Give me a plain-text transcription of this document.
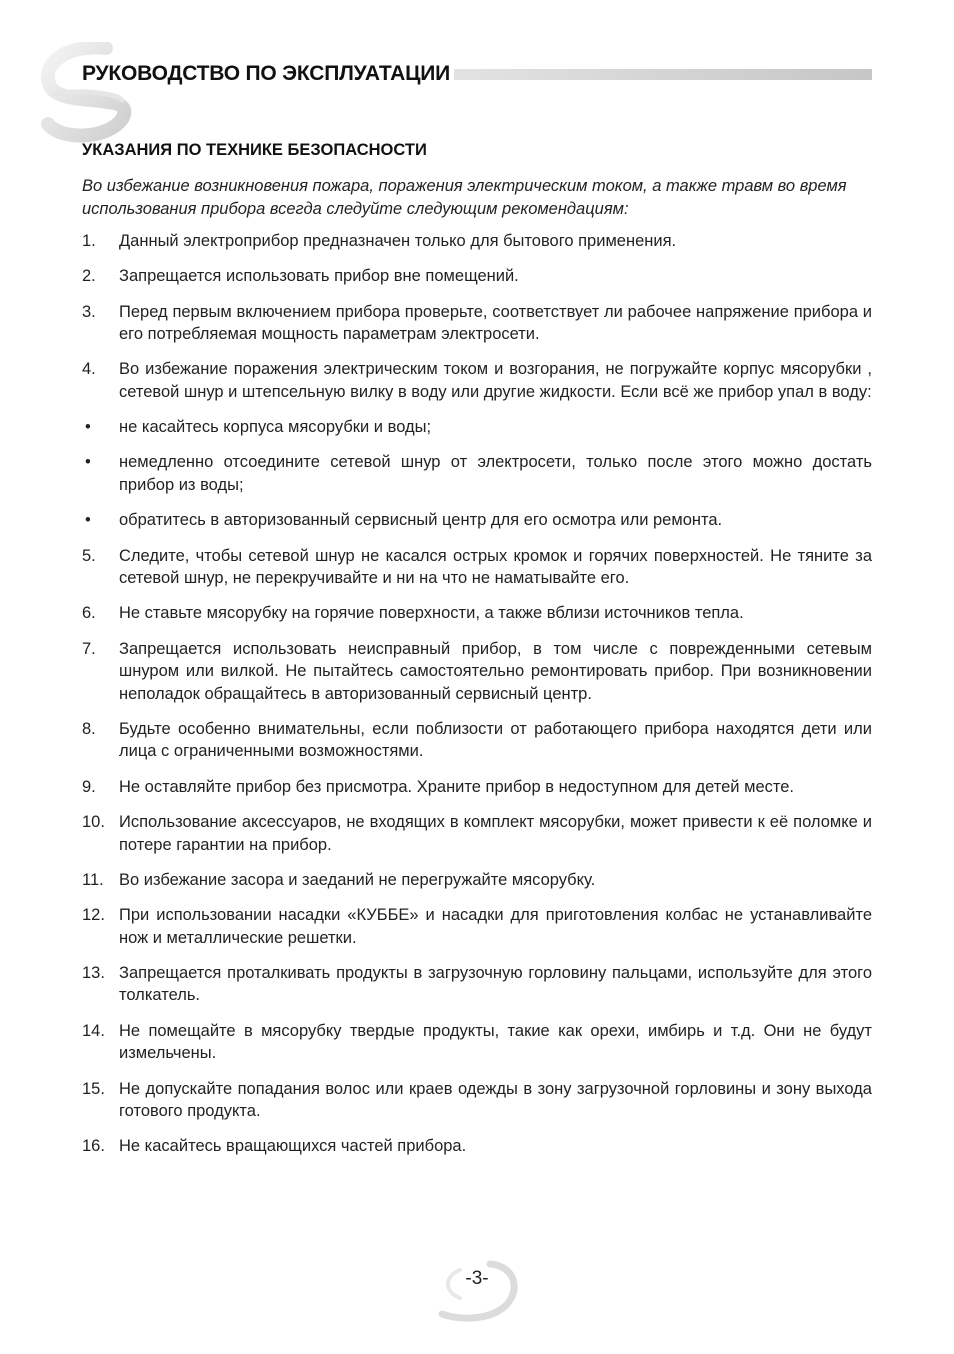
РУКОВОДСТВО ПО ЭКСПЛУАТАЦИИ
УКАЗАНИЯ ПО ТЕХНИКЕ БЕЗОПАСНОСТИ

Во избежание возникновения пожара, поражения электрическим током, а также травм во время использования прибора всегда следуйте следующим рекомендациям:

1.	Данный электроприбор предназначен только для бытового применения.
2.	Запрещается использовать прибор вне помещений.
3.	Перед первым включением прибора проверьте, соответствует ли рабочее напряжение прибора и его потребляемая мощность параметрам электросети.
4.	Во избежание поражения электрическим током и возгорания, не погружайте корпус мясорубки , сетевой шнур и штепсельную вилку в воду или другие жидкости. Если всё же прибор упал в воду:
•	не касайтесь корпуса мясорубки и воды;
•	немедленно отсоедините сетевой шнур от электросети, только после этого можно достать прибор из воды;
•	обратитесь в авторизованный сервисный центр для его осмотра или ремонта.
5.	Следите, чтобы сетевой шнур не касался острых кромок и горячих поверхностей. Не тяните за сетевой шнур, не перекручивайте и ни на что не наматывайте его.
6.	Не ставьте мясорубку на горячие поверхности, а также вблизи источников тепла.
7.	Запрещается использовать неисправный прибор, в том числе с поврежденными сетевым шнуром или вилкой. Не пытайтесь самостоятельно ремонтировать прибор. При возникновении неполадок обращайтесь в авторизованный сервисный центр.
8.	Будьте особенно внимательны, если поблизости от работающего прибора находятся дети или лица с ограниченными возможностями.
9.	Не оставляйте прибор без присмотра. Храните прибор в недоступном для детей месте.
10. Использование аксессуаров, не входящих в комплект мясорубки, может привести к её поломке и потере гарантии на прибор.
11. Во избежание засора и заеданий не перегружайте мясорубку.
12. При использовании насадки «КУББЕ» и насадки для приготовления колбас не устанавливайте нож и металлические решетки.
13. Запрещается проталкивать продукты в загрузочную горловину пальцами, используйте для этого толкатель.
14. Не помещайте в мясорубку твердые продукты, такие как орехи, имбирь и т.д. Они не будут измельчены.
15. Не допускайте попадания волос или краев одежды в зону загрузочной горловины и зону выхода готового продукта.
16. Не касайтесь вращающихся частей прибора.
-3-
